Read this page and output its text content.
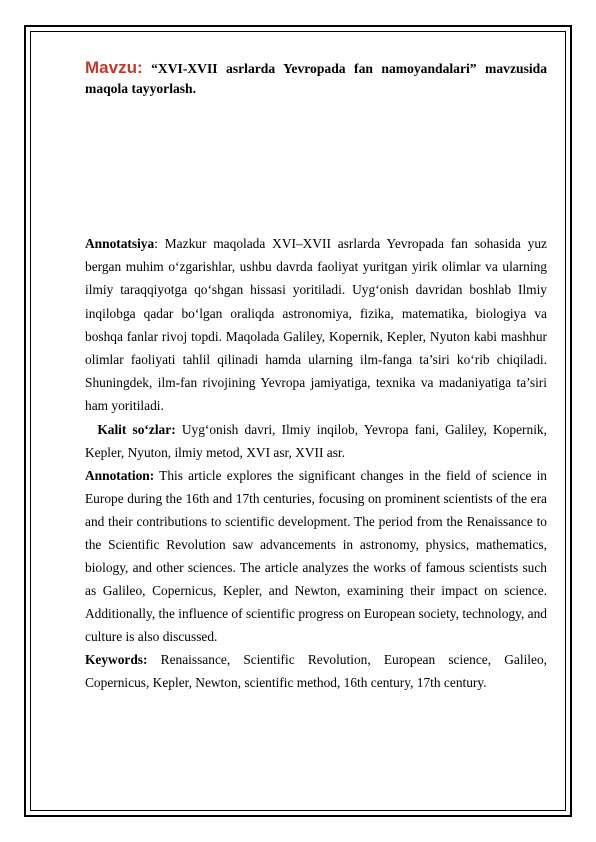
Mavzu: “XVI-XVII asrlarda Yevropada fan namoyandalari” mavzusida maqola tayyorlash.

Annotatsiya: Mazkur maqolada XVI–XVII asrlarda Yevropada fan sohasida yuz bergan muhim o‘zgarishlar, ushbu davrda faoliyat yuritgan yirik olimlar va ularning ilmiy taraqqiyotga qo‘shgan hissasi yoritiladi. Uyg‘onish davridan boshlab Ilmiy inqilobga qadar bo‘lgan oraliqda astronomiya, fizika, matematika, biologiya va boshqa fanlar rivoj topdi. Maqolada Galiley, Kopernik, Kepler, Nyuton kabi mashhur olimlar faoliyati tahlil qilinadi hamda ularning ilm-fanga ta’siri ko‘rib chiqiladi. Shuningdek, ilm-fan rivojining Yevropa jamiyatiga, texnika va madaniyatiga ta’siri ham yoritiladi.

Kalit so‘zlar: Uyg‘onish davri, Ilmiy inqilob, Yevropa fani, Galiley, Kopernik, Kepler, Nyuton, ilmiy metod, XVI asr, XVII asr.

Annotation: This article explores the significant changes in the field of science in Europe during the 16th and 17th centuries, focusing on prominent scientists of the era and their contributions to scientific development. The period from the Renaissance to the Scientific Revolution saw advancements in astronomy, physics, mathematics, biology, and other sciences. The article analyzes the works of famous scientists such as Galileo, Copernicus, Kepler, and Newton, examining their impact on science. Additionally, the influence of scientific progress on European society, technology, and culture is also discussed.

Keywords: Renaissance, Scientific Revolution, European science, Galileo, Copernicus, Kepler, Newton, scientific method, 16th century, 17th century.
